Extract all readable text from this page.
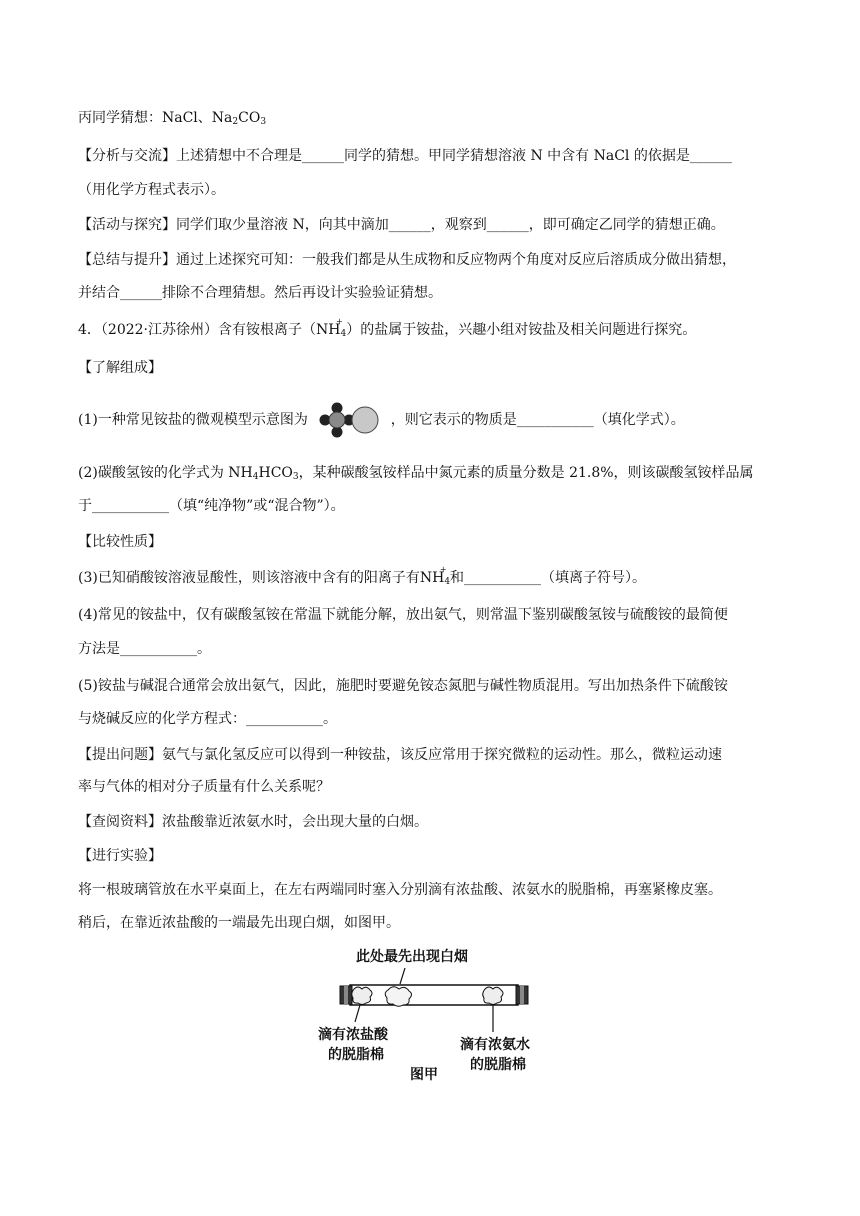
丙同学猜想：NaCl、$Na_2CO_3$
【分析与交流】上述猜想中不合理是______同学的猜想。甲同学猜想溶液 N 中含有 NaCl 的依据是______
（用化学方程式表示）。
【活动与探究】同学们取少量溶液 N，向其中滴加______，观察到______，即可确定乙同学的猜想正确。
【总结与提升】通过上述探究可知：一般我们都是从生成物和反应物两个角度对反应后溶质成分做出猜想，
并结合______排除不合理猜想。然后再设计实验验证猜想。
4．（2022·江苏徐州）含有铵根离子（NH4
+
）的盐属于铵盐，兴趣小组对铵盐及相关问题进行探究。
【了解组成】
(1)一种常见铵盐的微观模型示意图为	，则它表示的物质是___________（填化学式）。
(2)碳酸氢铵的化学式为 $NH_4HCO_3$，某种碳酸氢铵样品中氮元素的质量分数是 21.8%，则该碳酸氢铵样品属
于___________（填“纯净物”或“混合物”）。
【比较性质】
(3)已知硝酸铵溶液显酸性，则该溶液中含有的阳离子有NH4
+
和___________（填离子符号）。
(4)常见的铵盐中，仅有碳酸氢铵在常温下就能分解，放出氨气，则常温下鉴别碳酸氢铵与硫酸铵的最简便
方法是___________。
(5)铵盐与碱混合通常会放出氨气，因此，施肥时要避免铵态氮肥与碱性物质混用。写出加热条件下硫酸铵
与烧碱反应的化学方程式：___________。
【提出问题】氨气与氯化氢反应可以得到一种铵盐，该反应常用于探究微粒的运动性。那么，微粒运动速
率与气体的相对分子质量有什么关系呢？
【查阅资料】浓盐酸靠近浓氨水时，会出现大量的白烟。
【进行实验】
将一根玻璃管放在水平桌面上，在左右两端同时塞入分别滴有浓盐酸、浓氨水的脱脂棉，再塞紧橡皮塞。
稍后，在靠近浓盐酸的一端最先出现白烟，如图甲。
此处最先出现白烟
滴有浓盐酸
的脱脂棉
滴有浓氨水
的脱脂棉
图甲
